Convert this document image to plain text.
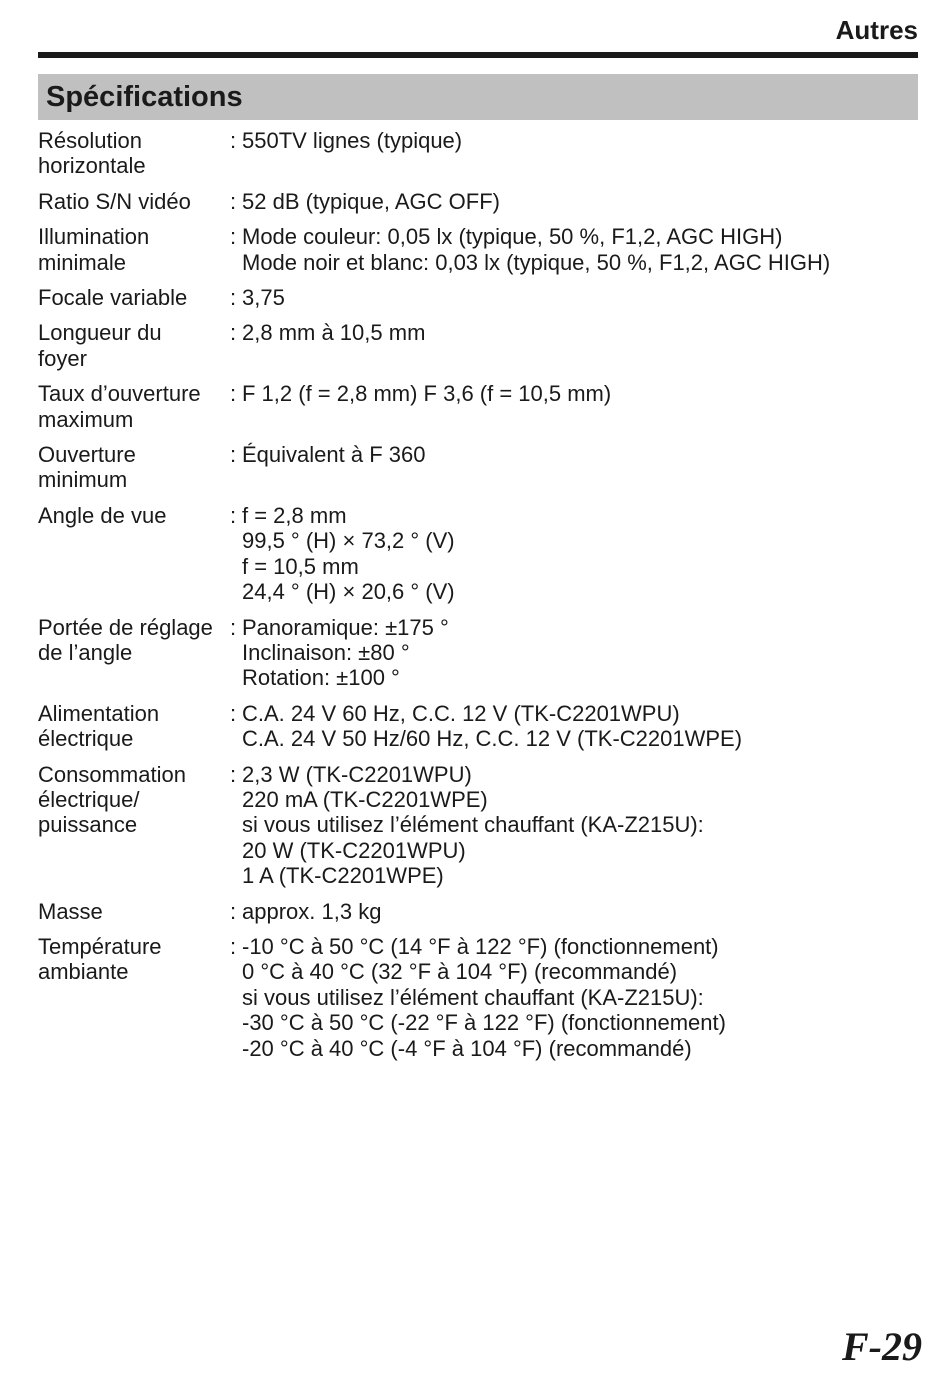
Autres
Spécifications
Résolution
horizontale
: 550TV lignes (typique)
Ratio S/N vidéo	: 52 dB (typique, AGC OFF)
Illumination
minimale
: Mode couleur: 0,05 lx (typique, 50 %, F1,2, AGC HIGH)
Mode noir et blanc: 0,03 lx (typique, 50 %, F1,2, AGC HIGH)
Focale variable	: 3,75
Longueur du
foyer
: 2,8 mm à 10,5 mm
Taux d’ouverture
maximum
: F 1,2 (f = 2,8 mm) F 3,6 (f = 10,5 mm)
Ouverture
minimum
: Équivalent à F 360
Angle de vue	: f = 2,8 mm
99,5 ° (H) × 73,2 ° (V)
f = 10,5 mm
24,4 ° (H) × 20,6 ° (V)
Portée de réglage
de l’angle
: Panoramique: ±175 °
Inclinaison: ±80 °
Rotation: ±100 °
Alimentation
électrique
: C.A. 24 V 60 Hz, C.C. 12 V (TK-C2201WPU)
C.A. 24 V 50 Hz/60 Hz, C.C. 12 V (TK-C2201WPE)
Consommation
électrique/
puissance
: 2,3 W (TK-C2201WPU)
220 mA (TK-C2201WPE)
si vous utilisez l’élément chauffant (KA-Z215U):
20 W (TK-C2201WPU)
1 A (TK-C2201WPE)
Masse	: approx. 1,3 kg
Température
ambiante
: -10 °C à 50 °C (14 °F à 122 °F) (fonctionnement)
0 °C à 40 °C (32 °F à 104 °F) (recommandé)
si vous utilisez l’élément chauffant (KA-Z215U):
-30 °C à 50 °C (-22 °F à 122 °F) (fonctionnement)
-20 °C à 40 °C (-4 °F à 104 °F) (recommandé)
F-29
